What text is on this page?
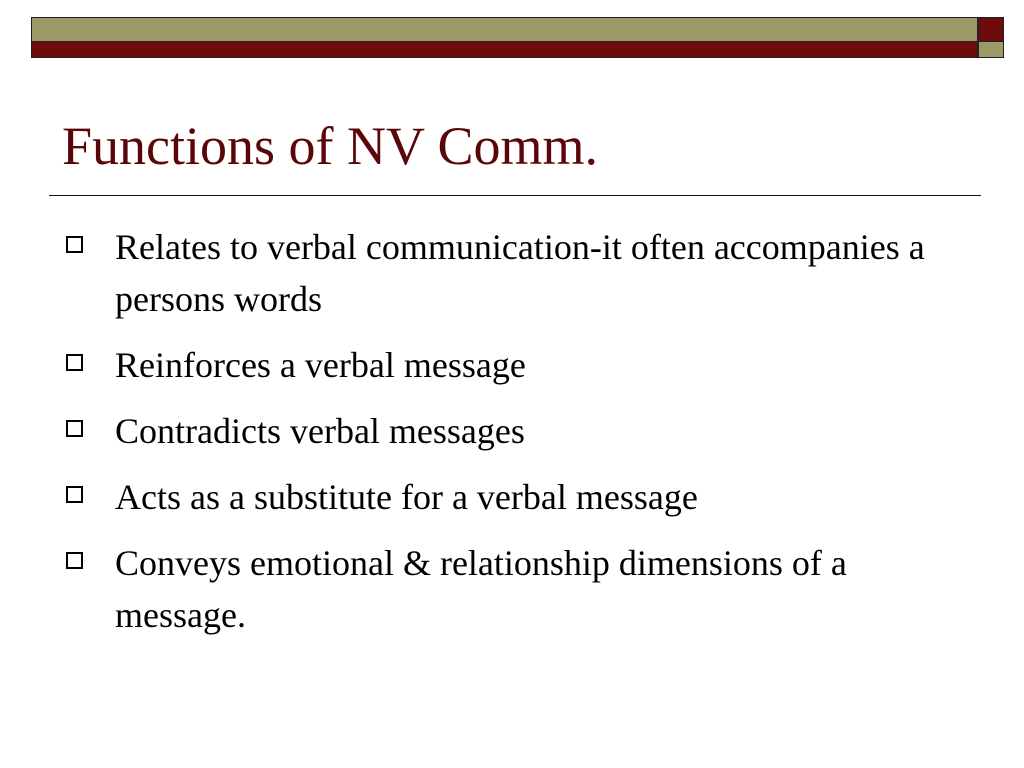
Functions of NV Comm.
Relates to verbal communication-it often accompanies a persons words
Reinforces a verbal message
Contradicts verbal messages
Acts as a substitute for a verbal message
Conveys emotional & relationship dimensions of a message.
